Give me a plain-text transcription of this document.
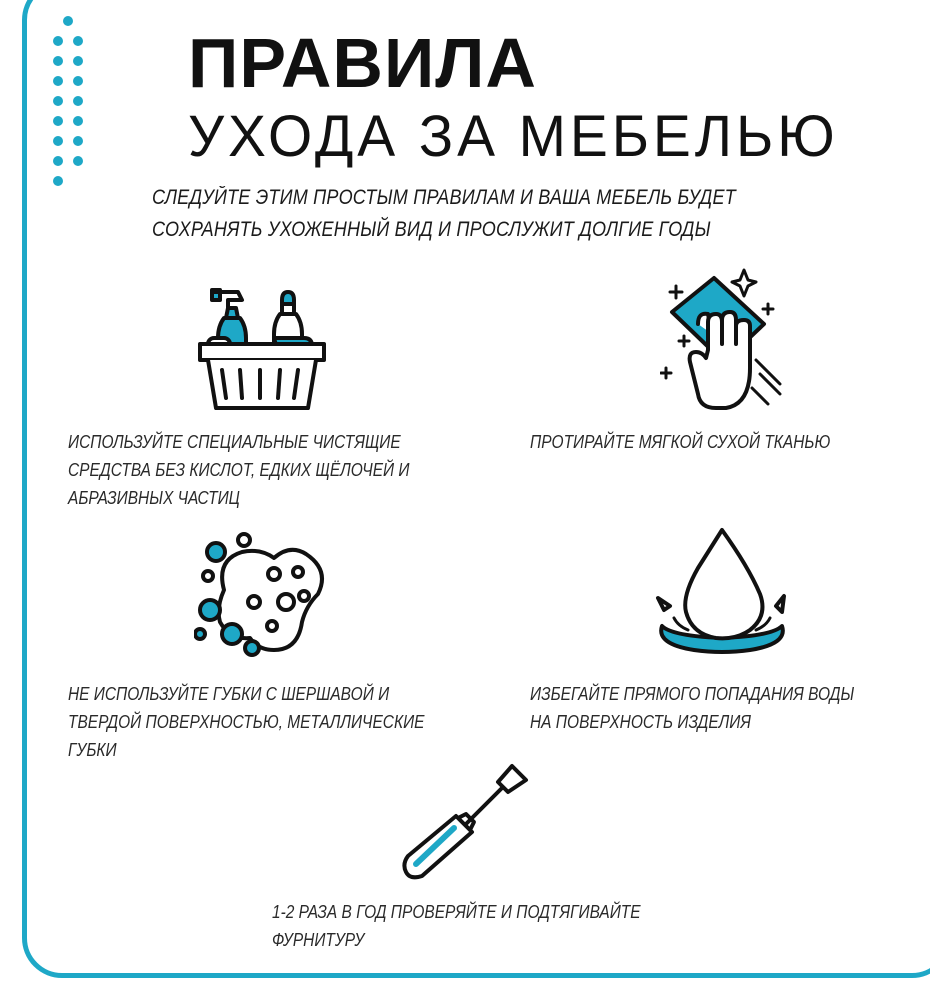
ПРАВИЛА
УХОДА ЗА МЕБЕЛЬЮ
СЛЕДУЙТЕ ЭТИМ ПРОСТЫМ ПРАВИЛАМ И ВАША МЕБЕЛЬ БУДЕТ
СОХРАНЯТЬ УХОЖЕННЫЙ ВИД И ПРОСЛУЖИТ ДОЛГИЕ ГОДЫ
ИСПОЛЬЗУЙТЕ СПЕЦИАЛЬНЫЕ ЧИСТЯЩИЕ
СРЕДСТВА БЕЗ КИСЛОТ, ЕДКИХ ЩЁЛОЧЕЙ И
АБРАЗИВНЫХ ЧАСТИЦ
ПРОТИРАЙТЕ МЯГКОЙ СУХОЙ ТКАНЬЮ
НЕ ИСПОЛЬЗУЙТЕ ГУБКИ С ШЕРШАВОЙ И
ТВЕРДОЙ ПОВЕРХНОСТЬЮ, МЕТАЛЛИЧЕСКИЕ
ГУБКИ
ИЗБЕГАЙТЕ ПРЯМОГО ПОПАДАНИЯ ВОДЫ
НА ПОВЕРХНОСТЬ ИЗДЕЛИЯ
1-2 РАЗА В ГОД ПРОВЕРЯЙТЕ И ПОДТЯГИВАЙТЕ
ФУРНИТУРУ
